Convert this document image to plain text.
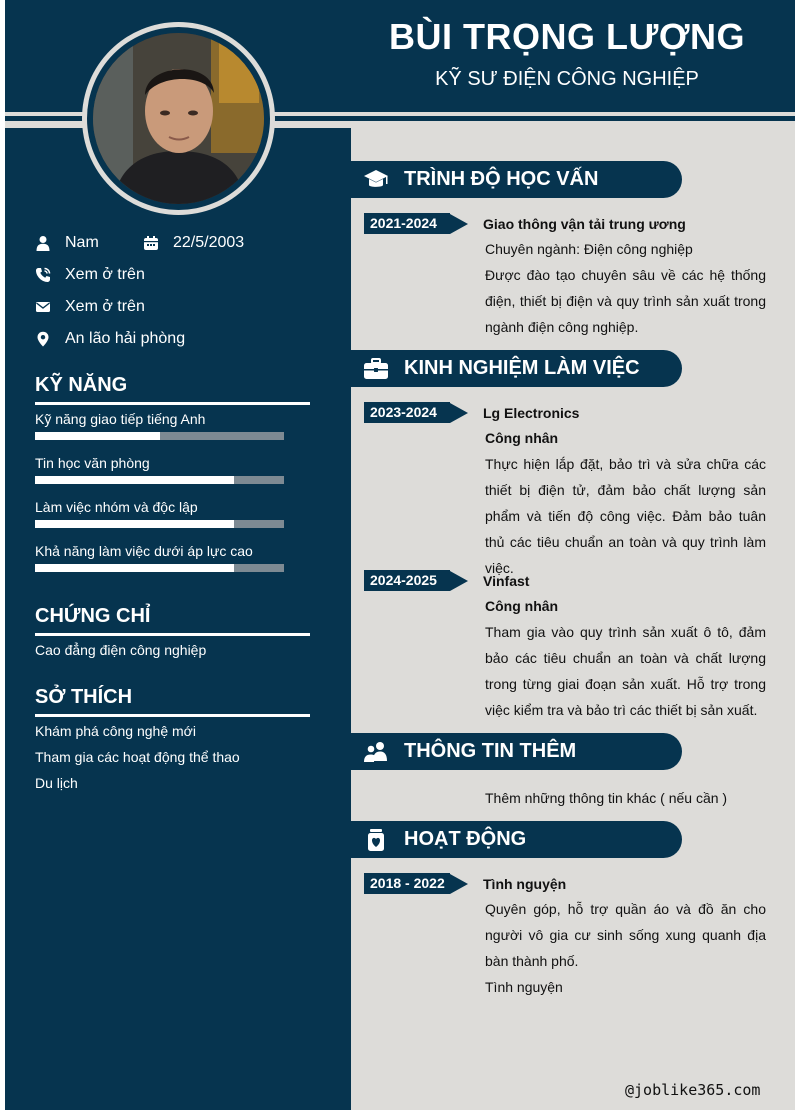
BÙI TRỌNG LƯỢNG
KỸ SƯ ĐIỆN CÔNG NGHIỆP
Nam	22/5/2003
Xem ở trên
Xem ở trên
An lão hải phòng
KỸ NĂNG
Kỹ năng giao tiếp tiếng Anh
Tin học văn phòng
Làm việc nhóm và độc lập
Khả năng làm việc dưới áp lực cao
CHỨNG CHỈ
Cao đẳng điện công nghiệp
SỞ THÍCH
Khám phá công nghệ mới
Tham gia các hoạt động thể thao
Du lịch
TRÌNH ĐỘ HỌC VẤN
2021-2024	Giao thông vận tải trung ương
Chuyên ngành: Điện công nghiệp
Được đào tạo chuyên sâu về các hệ thống điện, thiết bị điện và quy trình sản xuất trong ngành điện công nghiệp.
KINH NGHIỆM LÀM VIỆC
2023-2024	Lg Electronics
Công nhân
Thực hiện lắp đặt, bảo trì và sửa chữa các thiết bị điện tử, đảm bảo chất lượng sản phẩm và tiến độ công việc. Đảm bảo tuân thủ các tiêu chuẩn an toàn và quy trình làm việc.
2024-2025	Vinfast
Công nhân
Tham gia vào quy trình sản xuất ô tô, đảm bảo các tiêu chuẩn an toàn và chất lượng trong từng giai đoạn sản xuất. Hỗ trợ trong việc kiểm tra và bảo trì các thiết bị sản xuất.
THÔNG TIN THÊM
Thêm những thông tin khác ( nếu cần )
HOẠT ĐỘNG
2018 - 2022	Tình nguyện
Quyên góp, hỗ trợ quần áo và đồ ăn cho người vô gia cư sinh sống xung quanh địa bàn thành phố.
Tình nguyện
@joblike365.com
